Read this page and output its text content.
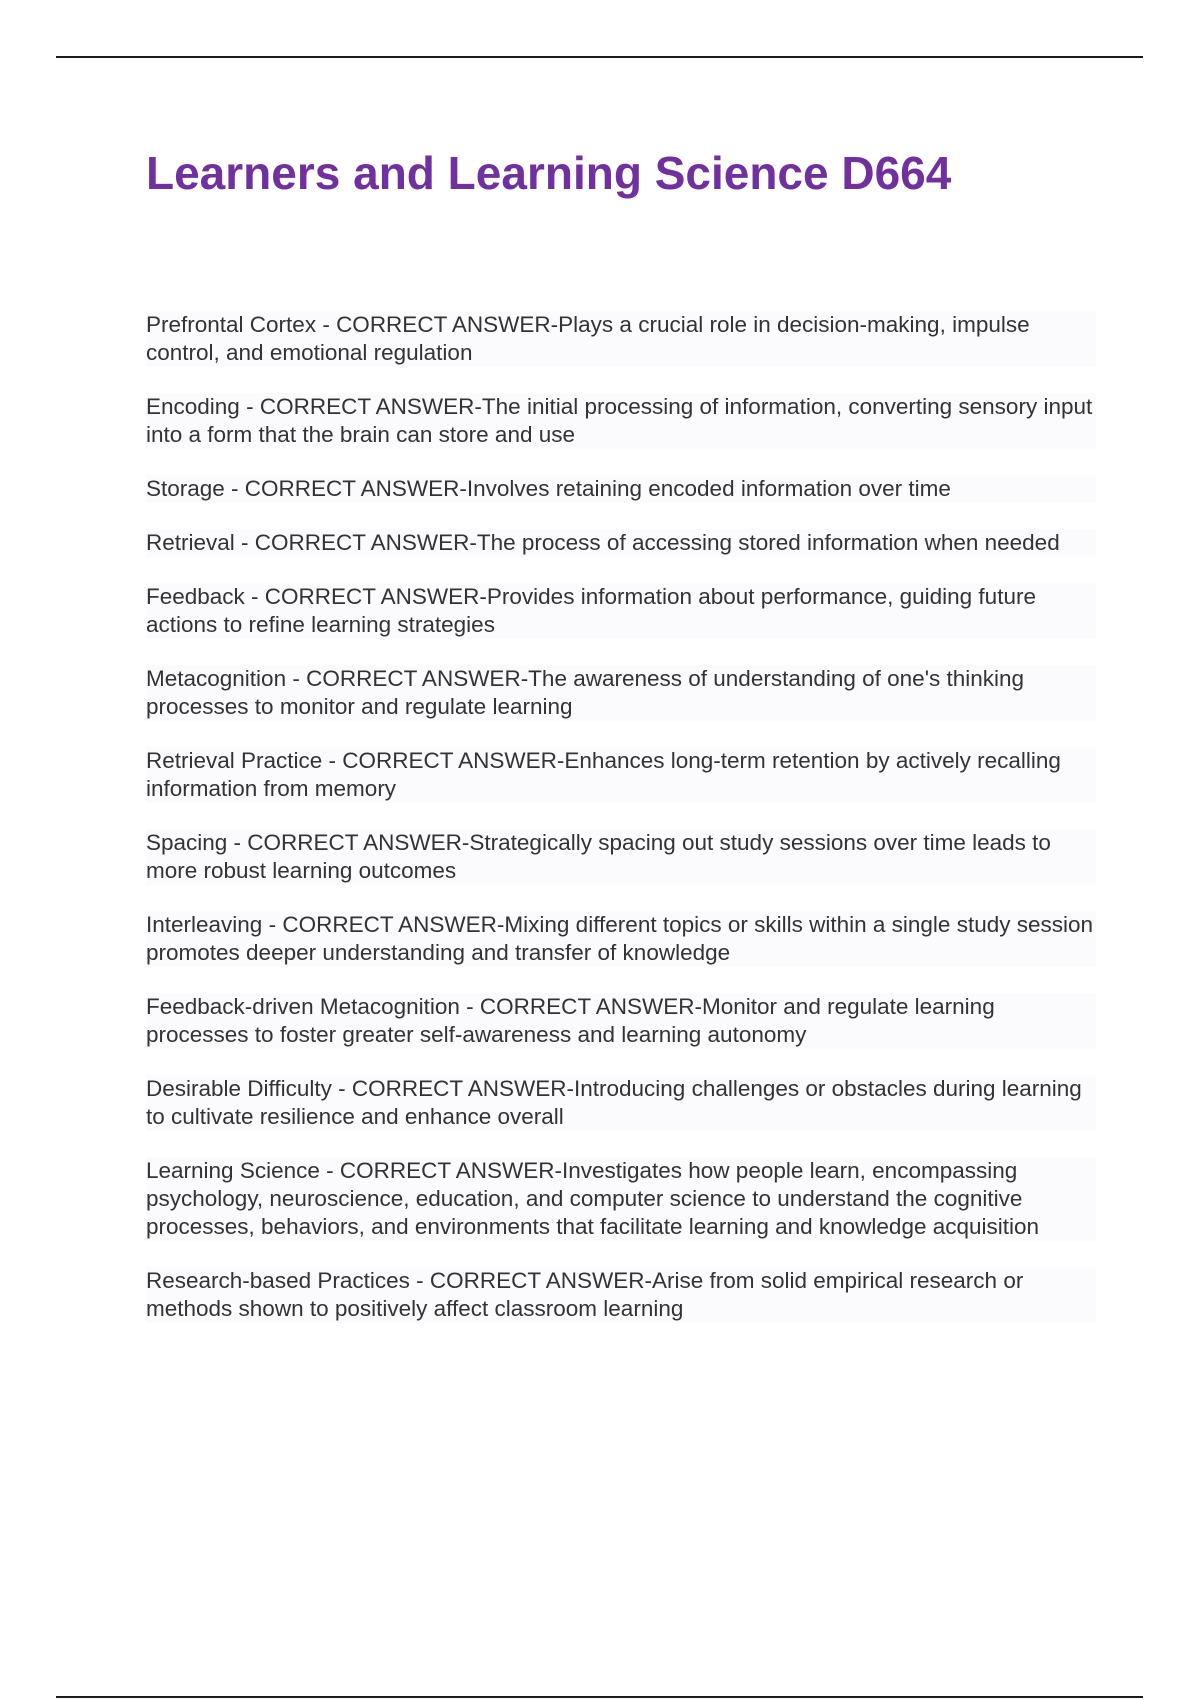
Learners and Learning Science D664

Prefrontal Cortex - CORRECT ANSWER-Plays a crucial role in decision-making, impulse control, and emotional regulation

Encoding - CORRECT ANSWER-The initial processing of information, converting sensory input into a form that the brain can store and use

Storage - CORRECT ANSWER-Involves retaining encoded information over time

Retrieval - CORRECT ANSWER-The process of accessing stored information when needed

Feedback - CORRECT ANSWER-Provides information about performance, guiding future actions to refine learning strategies

Metacognition - CORRECT ANSWER-The awareness of understanding of one's thinking processes to monitor and regulate learning

Retrieval Practice - CORRECT ANSWER-Enhances long-term retention by actively recalling information from memory

Spacing - CORRECT ANSWER-Strategically spacing out study sessions over time leads to more robust learning outcomes

Interleaving - CORRECT ANSWER-Mixing different topics or skills within a single study session promotes deeper understanding and transfer of knowledge

Feedback-driven Metacognition - CORRECT ANSWER-Monitor and regulate learning processes to foster greater self-awareness and learning autonomy

Desirable Difficulty - CORRECT ANSWER-Introducing challenges or obstacles during learning to cultivate resilience and enhance overall

Learning Science - CORRECT ANSWER-Investigates how people learn, encompassing psychology, neuroscience, education, and computer science to understand the cognitive processes, behaviors, and environments that facilitate learning and knowledge acquisition

Research-based Practices - CORRECT ANSWER-Arise from solid empirical research or methods shown to positively affect classroom learning
